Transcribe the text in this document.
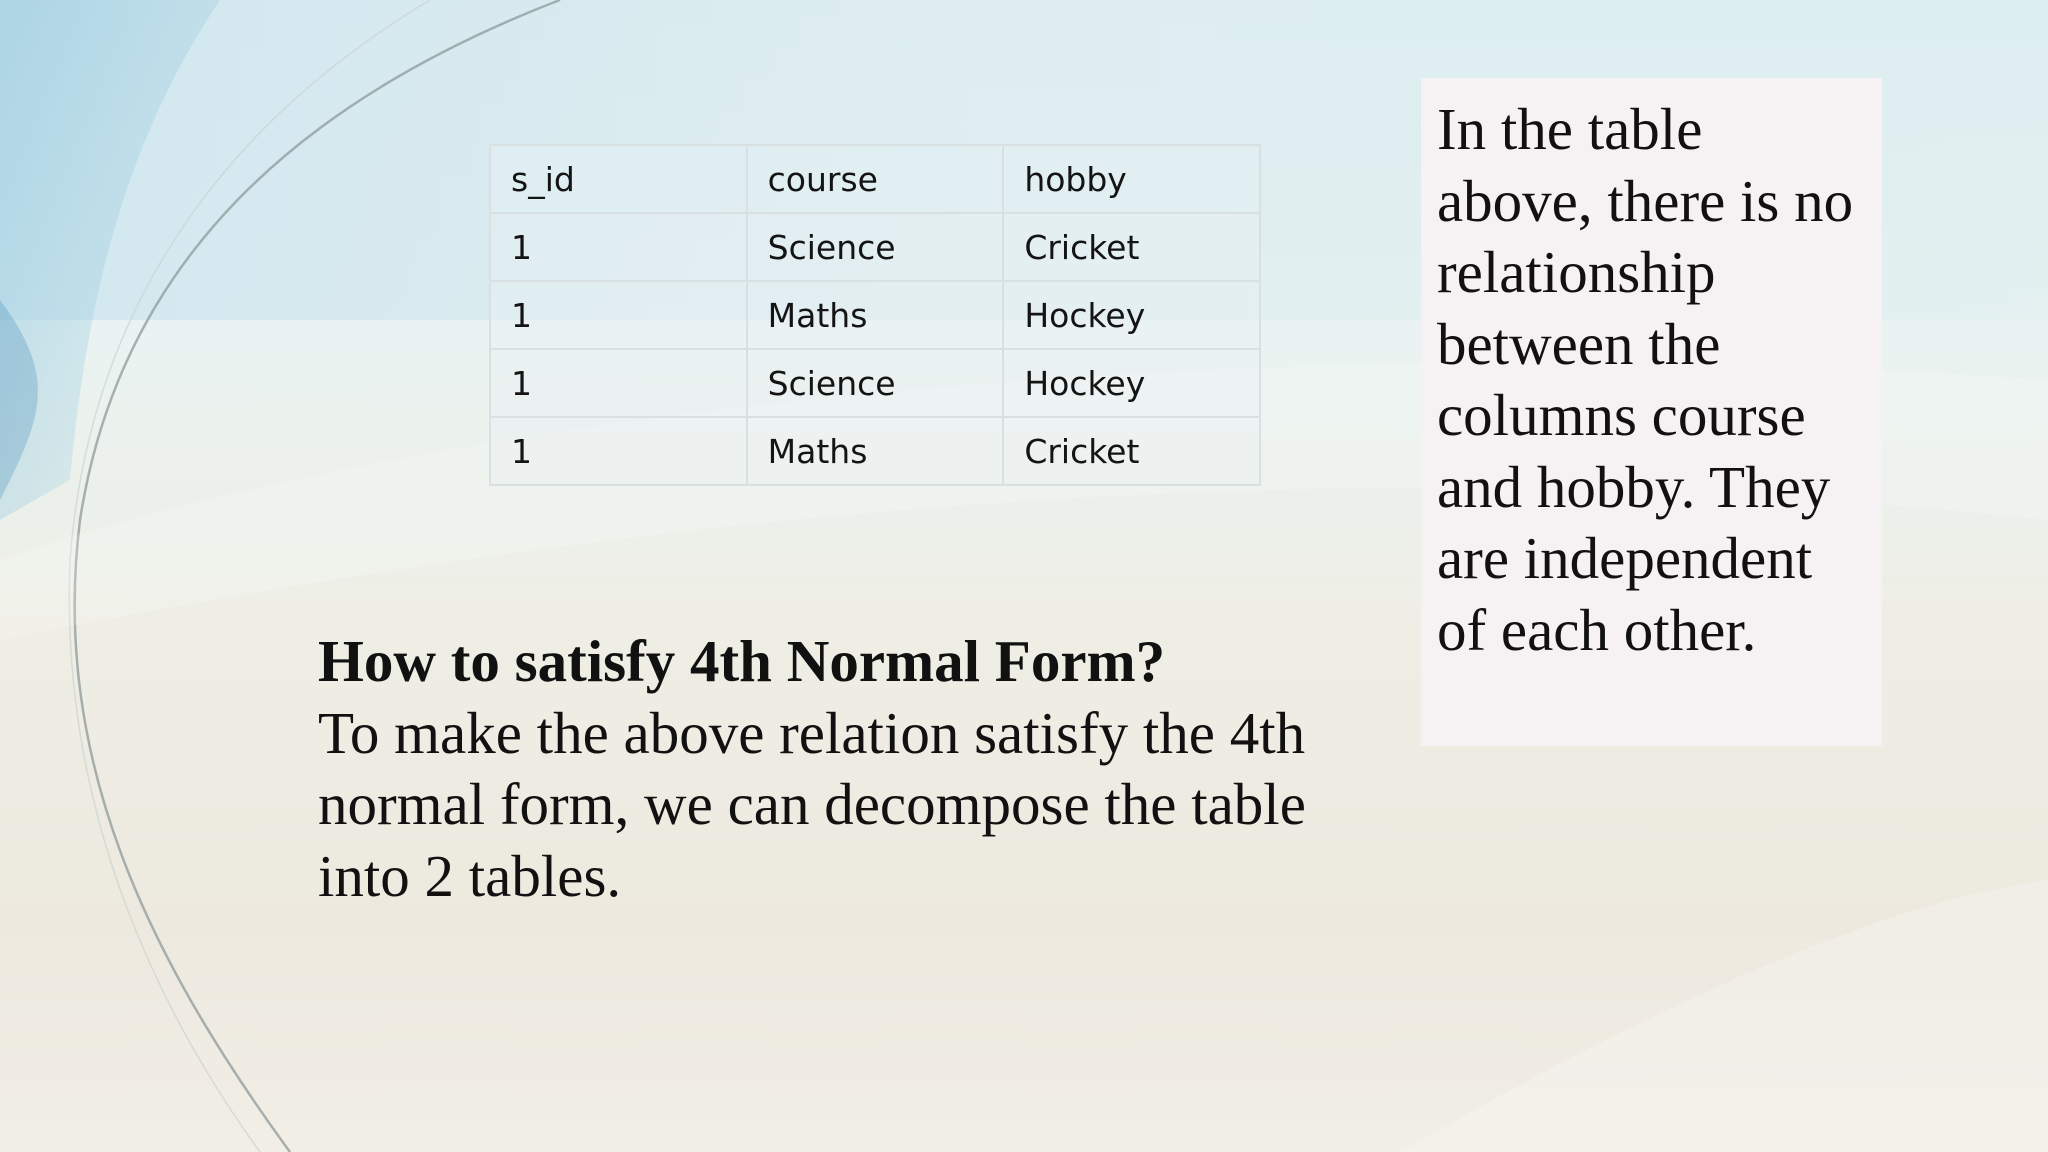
s_id	course	hobby
1	Science	Cricket
1	Maths	Hockey
1	Science	Hockey
1	Maths	Cricket

In the table above, there is no relationship between the columns course and hobby. They are independent of each other.

How to satisfy 4th Normal Form?

To make the above relation satisfy the 4th normal form, we can decompose the table into 2 tables.
